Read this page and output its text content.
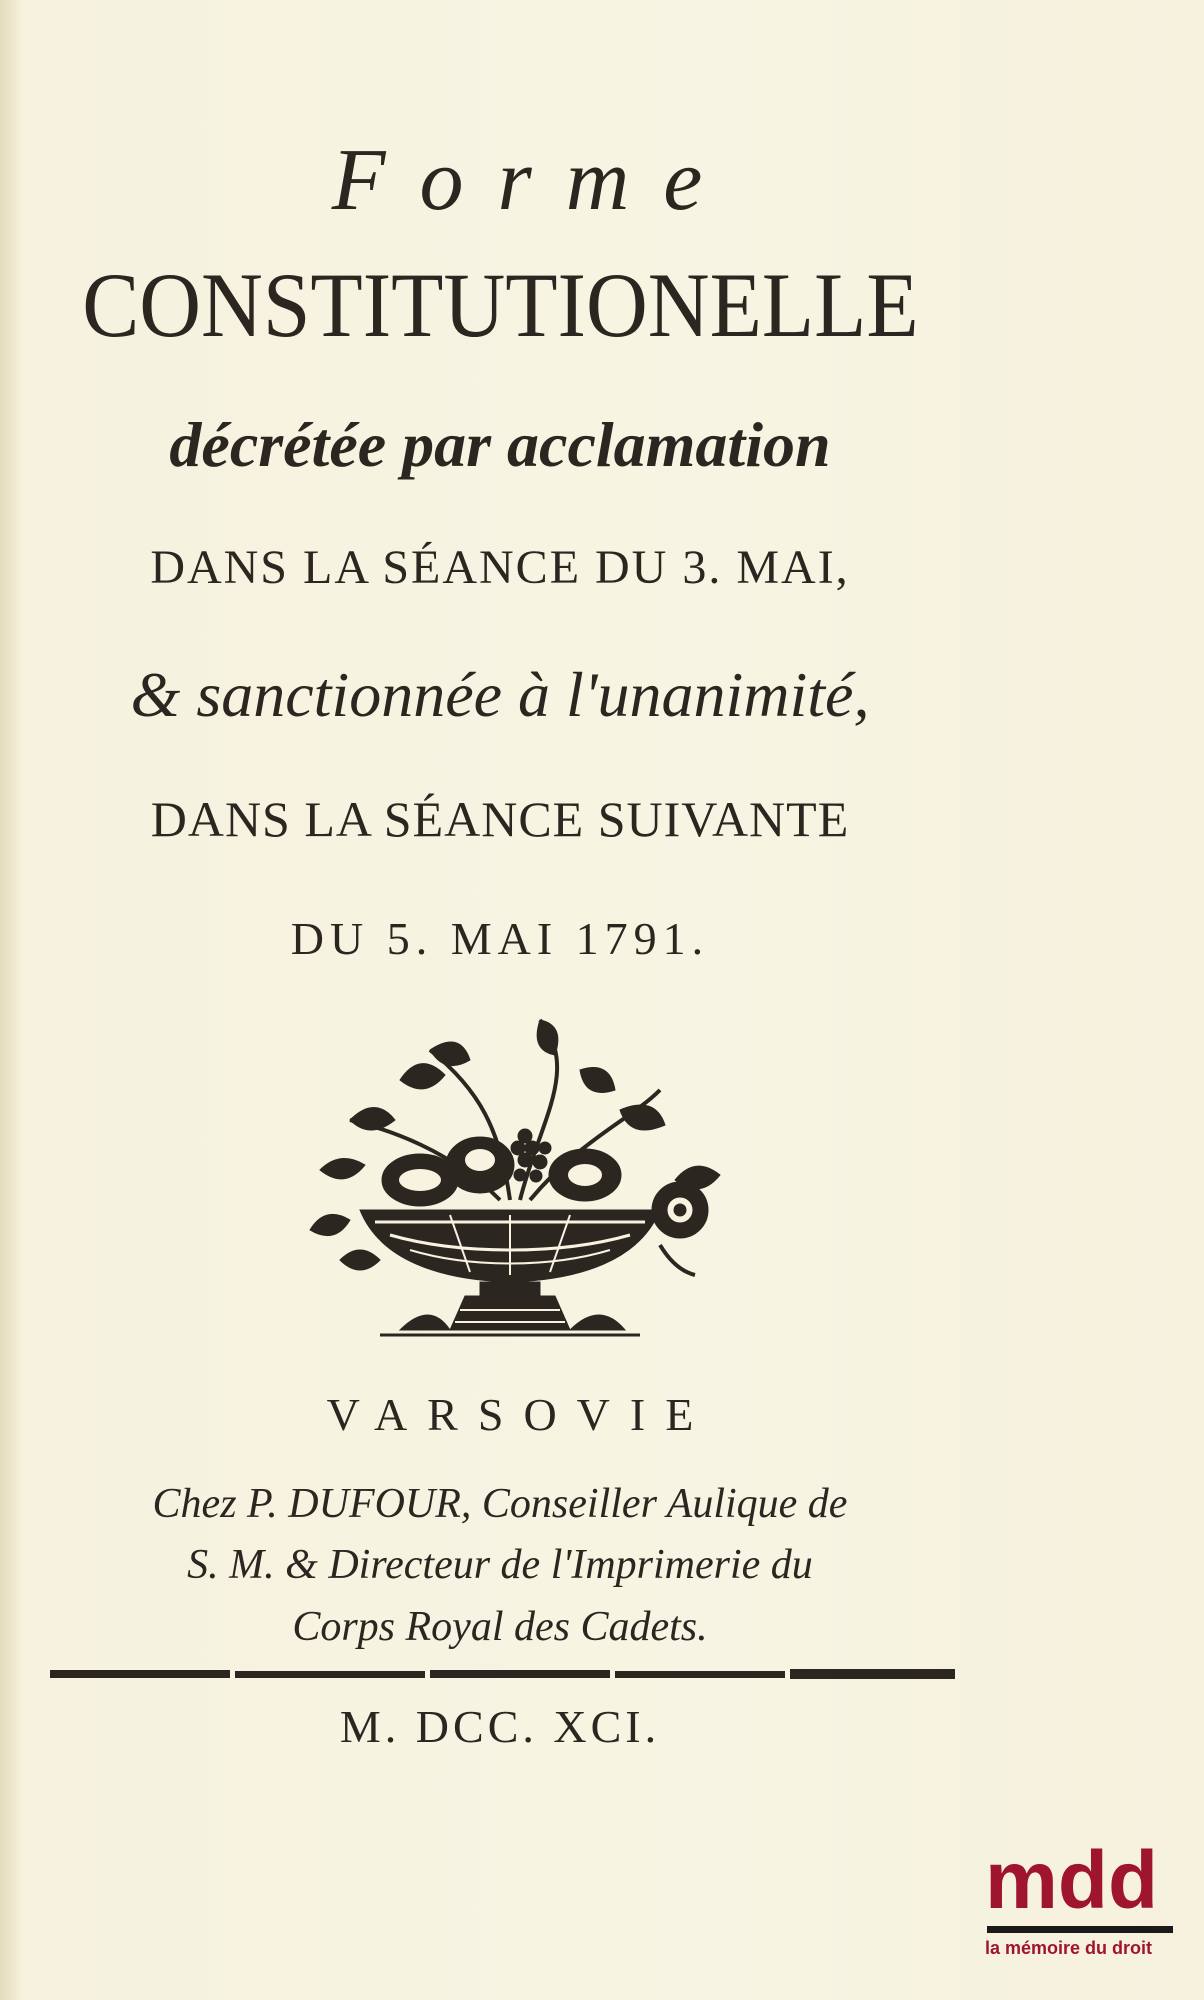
Forme
CONSTITUTIONELLE
décrétée par acclamation
DANS LA SÉANCE DU 3. MAI,
& sanctionnée à l'unanimité,
DANS LA SÉANCE SUIVANTE
DU 5. MAI 1791.
VARSOVIE
Chez P. DUFOUR, Conseiller Aulique de
S. M. & Directeur de l'Imprimerie du
Corps Royal des Cadets.
M. DCC. XCI.
mdd
la mémoire du droit
